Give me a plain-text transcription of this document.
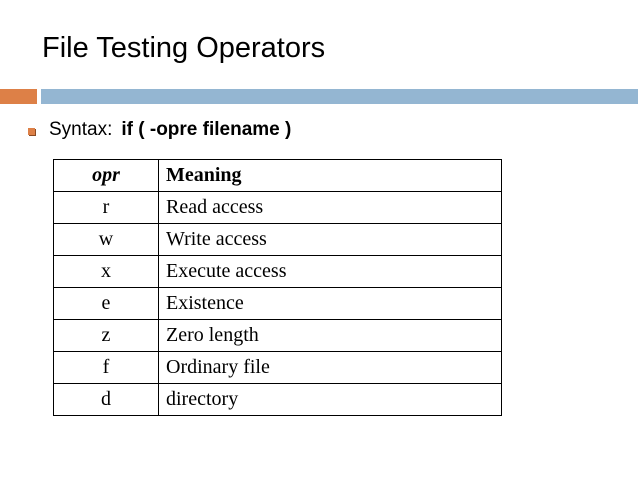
File Testing Operators
Syntax: if ( -opre filename )
opr	Meaning
r	Read access
w	Write access
x	Execute access
e	Existence
z	Zero length
f	Ordinary file
d	directory
